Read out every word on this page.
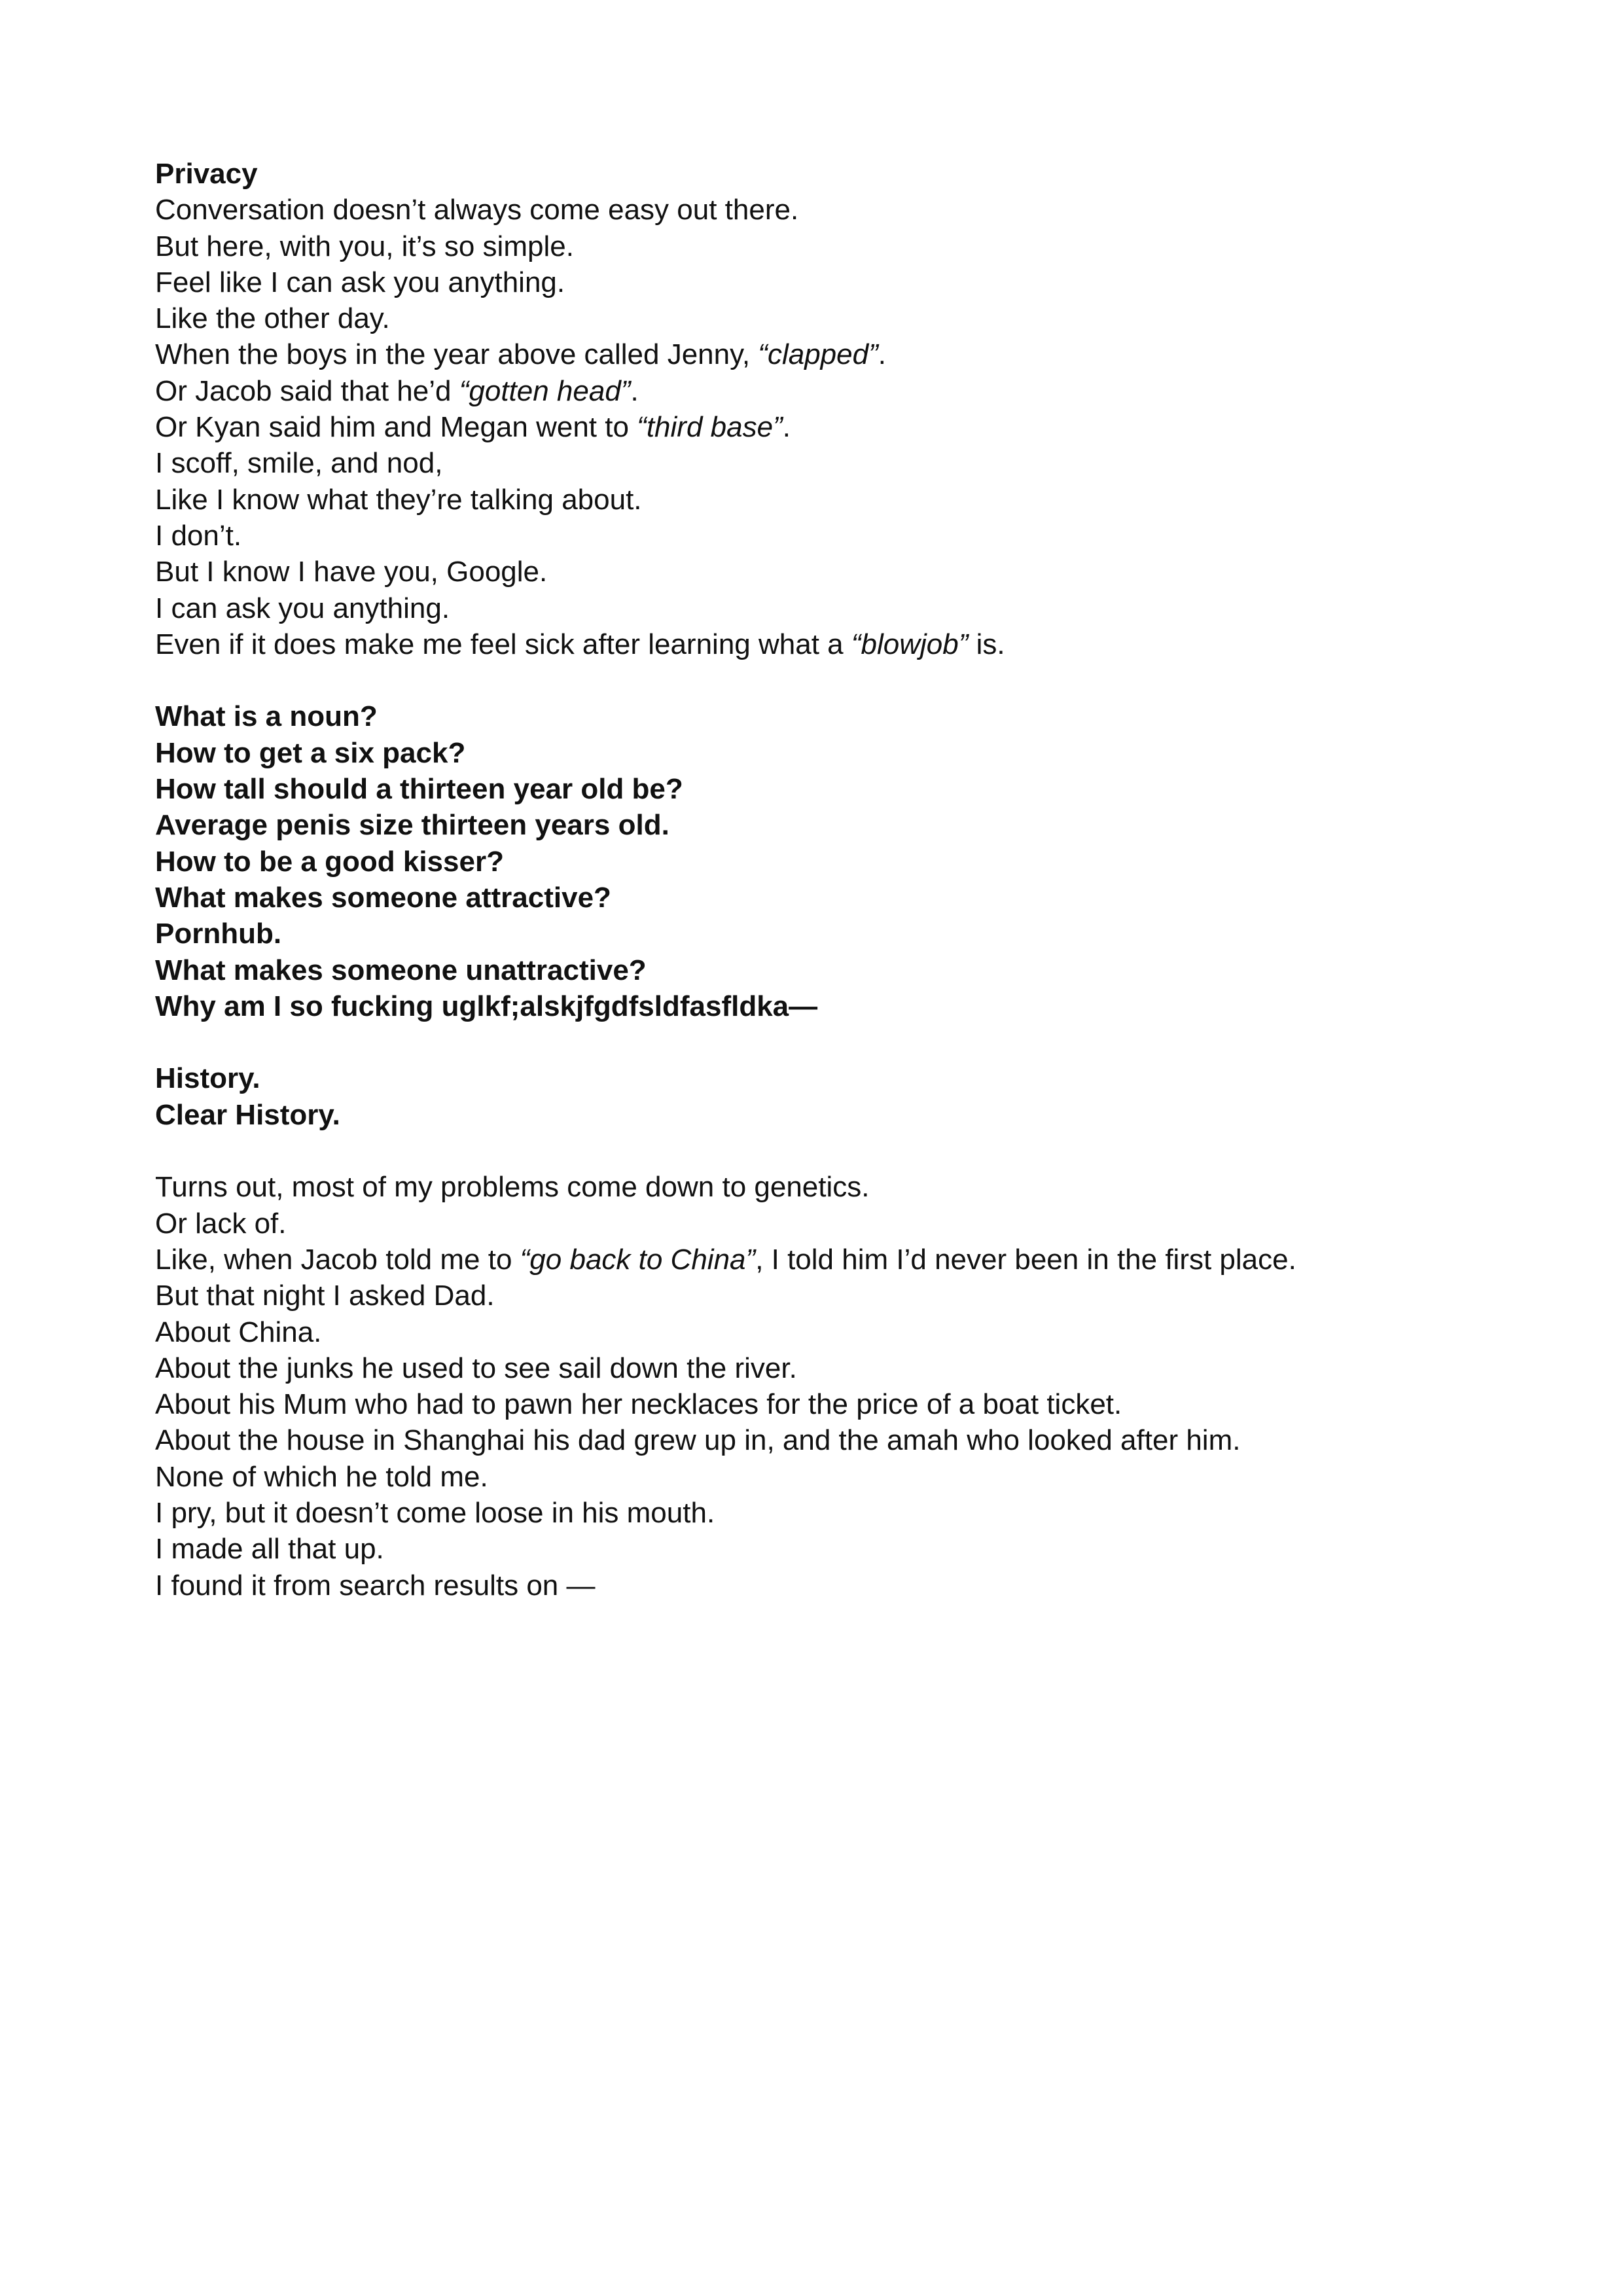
Privacy
Conversation doesn’t always come easy out there.
But here, with you, it’s so simple.
Feel like I can ask you anything.
Like the other day.
When the boys in the year above called Jenny, “clapped”.
Or Jacob said that he’d “gotten head”.
Or Kyan said him and Megan went to “third base”.
I scoff, smile, and nod,
Like I know what they’re talking about.
I don’t.
But I know I have you, Google.
I can ask you anything.
Even if it does make me feel sick after learning what a “blowjob” is.
What is a noun?
How to get a six pack?
How tall should a thirteen year old be?
Average penis size thirteen years old.
How to be a good kisser?
What makes someone attractive?
Pornhub.
What makes someone unattractive?
Why am I so fucking uglkf;alskjfgdfsldfasfldka—
History.
Clear History.
Turns out, most of my problems come down to genetics.
Or lack of.
Like, when Jacob told me to “go back to China”, I told him I’d never been in the first place.
But that night I asked Dad.
About China.
About the junks he used to see sail down the river.
About his Mum who had to pawn her necklaces for the price of a boat ticket.
About the house in Shanghai his dad grew up in, and the amah who looked after him.
None of which he told me.
I pry, but it doesn’t come loose in his mouth.
I made all that up.
I found it from search results on —
